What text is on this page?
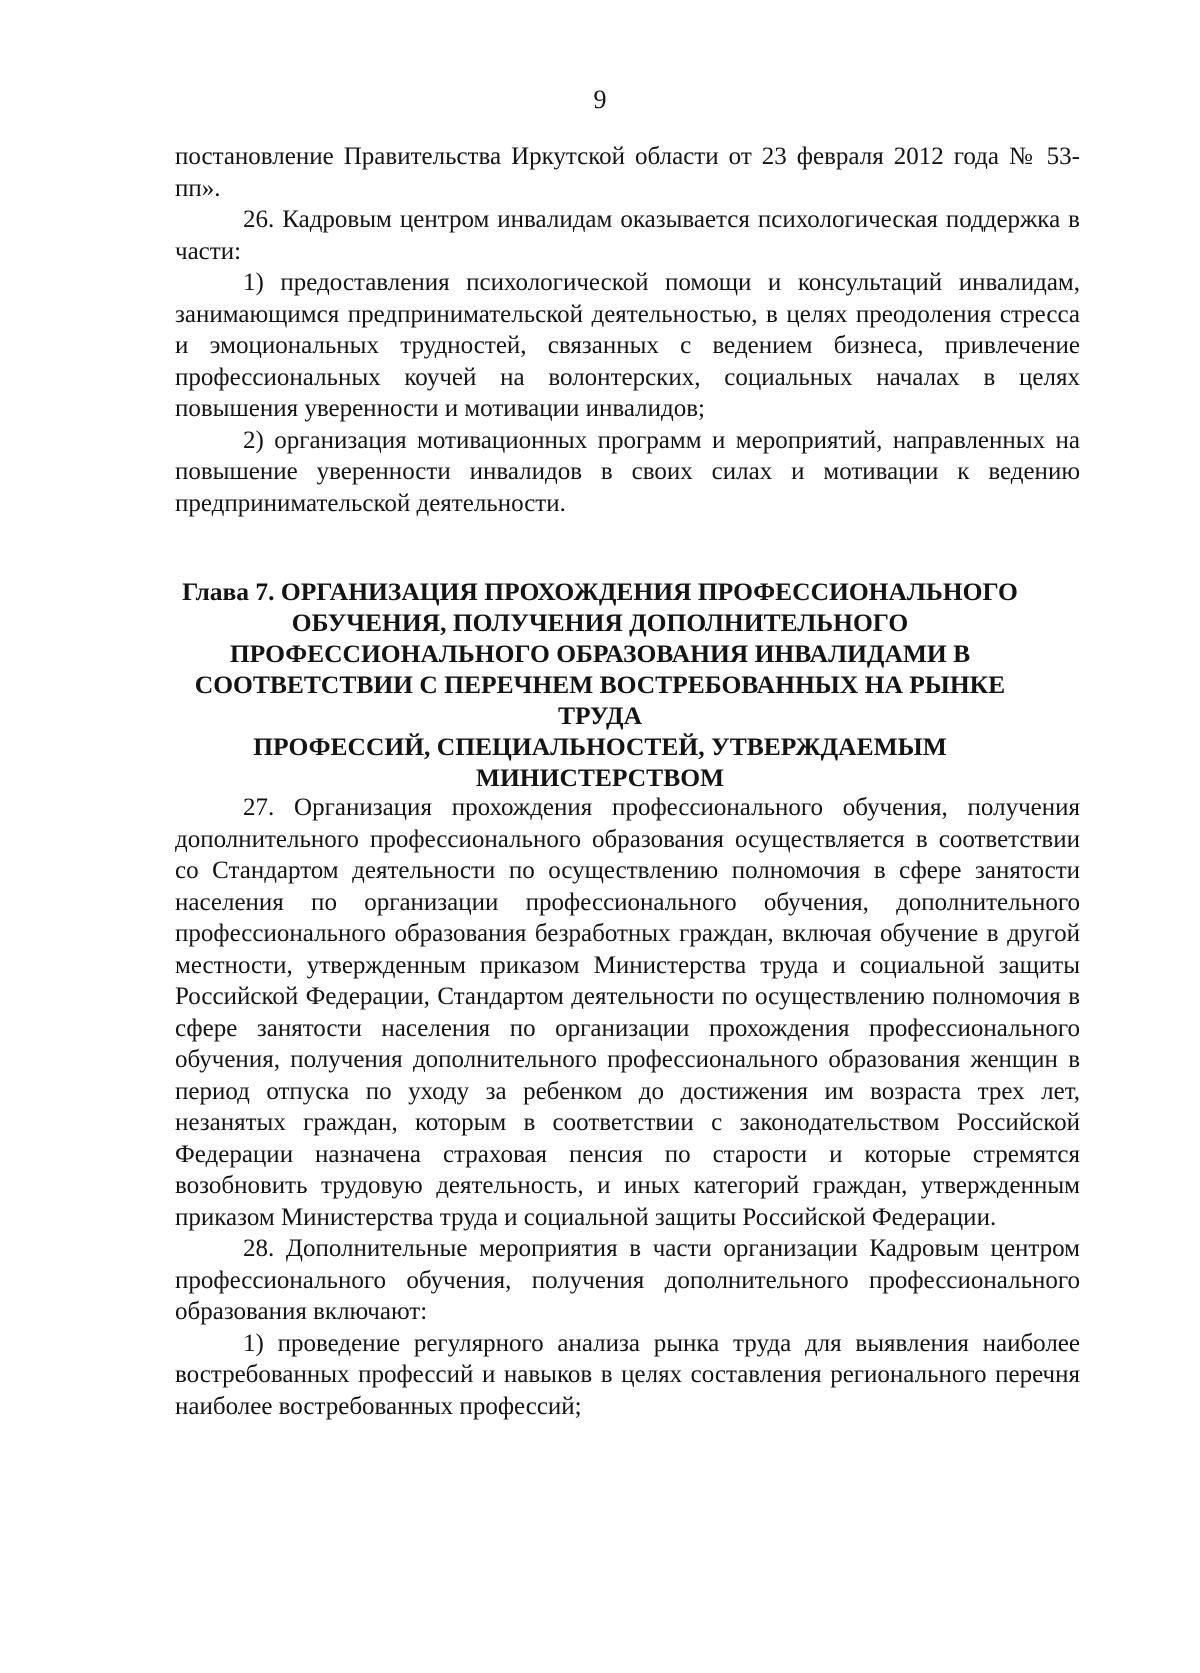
9

постановление Правительства Иркутской области от 23 февраля 2012 года № 53-пп».

26. Кадровым центром инвалидам оказывается психологическая поддержка в части:

1) предоставления психологической помощи и консультаций инвалидам, занимающимся предпринимательской деятельностью, в целях преодоления стресса и эмоциональных трудностей, связанных с ведением бизнеса, привлечение профессиональных коучей на волонтерских, социальных началах в целях повышения уверенности и мотивации инвалидов;

2) организация мотивационных программ и мероприятий, направленных на повышение уверенности инвалидов в своих силах и мотивации к ведению предпринимательской деятельности.

Глава 7. ОРГАНИЗАЦИЯ ПРОХОЖДЕНИЯ ПРОФЕССИОНАЛЬНОГО
ОБУЧЕНИЯ, ПОЛУЧЕНИЯ ДОПОЛНИТЕЛЬНОГО
ПРОФЕССИОНАЛЬНОГО ОБРАЗОВАНИЯ ИНВАЛИДАМИ В
СООТВЕТСТВИИ С ПЕРЕЧНЕМ ВОСТРЕБОВАННЫХ НА РЫНКЕ ТРУДА
ПРОФЕССИЙ, СПЕЦИАЛЬНОСТЕЙ, УТВЕРЖДАЕМЫМ
МИНИСТЕРСТВОМ

27. Организация прохождения профессионального обучения, получения дополнительного профессионального образования осуществляется в соответствии со Стандартом деятельности по осуществлению полномочия в сфере занятости населения по организации профессионального обучения, дополнительного профессионального образования безработных граждан, включая обучение в другой местности, утвержденным приказом Министерства труда и социальной защиты Российской Федерации, Стандартом деятельности по осуществлению полномочия в сфере занятости населения по организации прохождения профессионального обучения, получения дополнительного профессионального образования женщин в период отпуска по уходу за ребенком до достижения им возраста трех лет, незанятых граждан, которым в соответствии с законодательством Российской Федерации назначена страховая пенсия по старости и которые стремятся возобновить трудовую деятельность, и иных категорий граждан, утвержденным приказом Министерства труда и социальной защиты Российской Федерации.

28. Дополнительные мероприятия в части организации Кадровым центром профессионального обучения, получения дополнительного профессионального образования включают:

1) проведение регулярного анализа рынка труда для выявления наиболее востребованных профессий и навыков в целях составления регионального перечня наиболее востребованных профессий;
